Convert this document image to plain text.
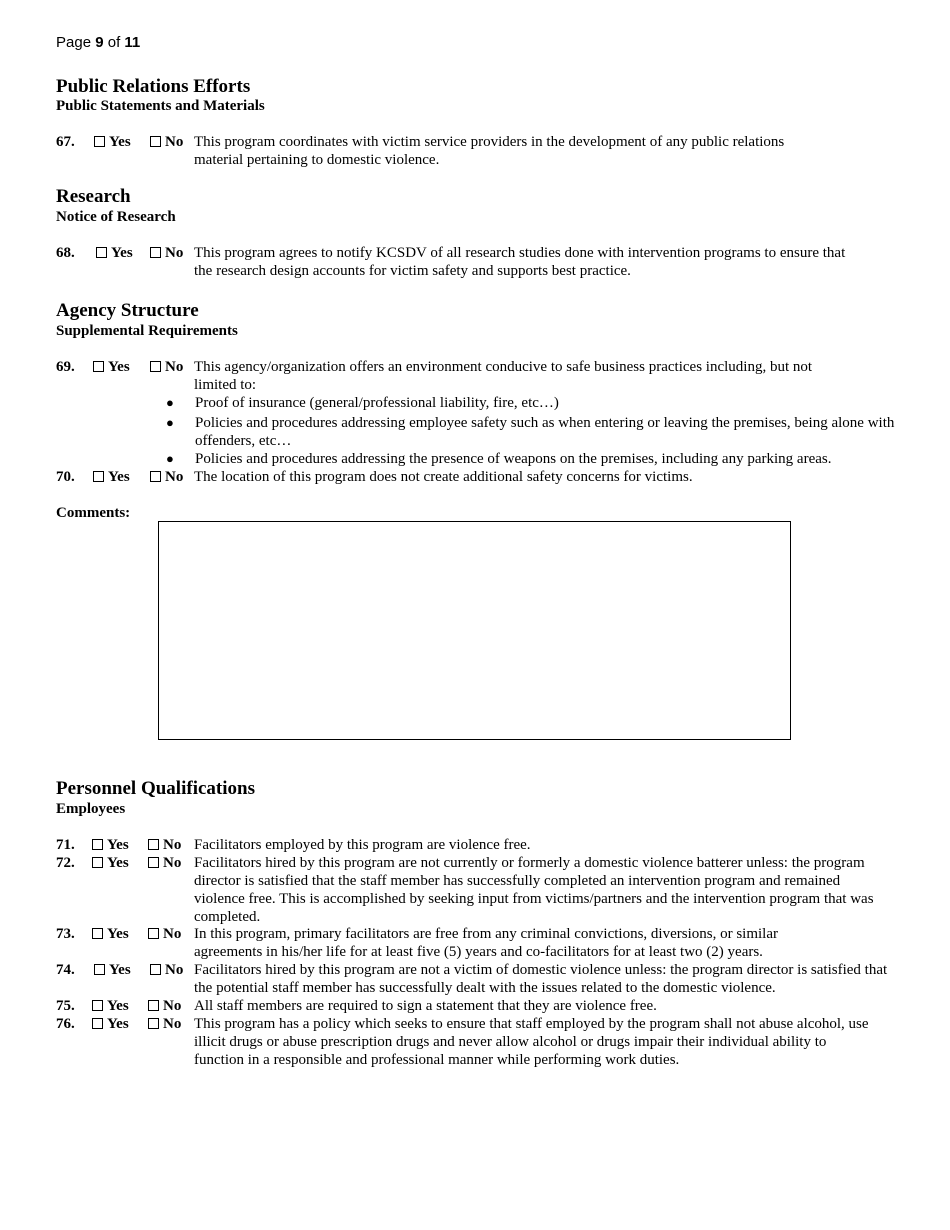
Page 9 of 11
Public Relations Efforts
Public Statements and Materials
67.	Yes	No This program coordinates with victim service providers in the development of any public relations material pertaining to domestic violence.
Research
Notice of Research
68.	Yes	No This program agrees to notify KCSDV of all research studies done with intervention programs to ensure that the research design accounts for victim safety and supports best practice.
Agency Structure
Supplemental Requirements
69.	Yes	No This agency/organization offers an environment conducive to safe business practices including, but not limited to:
● Proof of insurance (general/professional liability, fire, etc…)
● Policies and procedures addressing employee safety such as when entering or leaving the premises, being alone with offenders, etc…
● Policies and procedures addressing the presence of weapons on the premises, including any parking areas.
70.	Yes	No The location of this program does not create additional safety concerns for victims.
Comments:
Personnel Qualifications
Employees
71.	Yes	No Facilitators employed by this program are violence free.
72.	Yes	No Facilitators hired by this program are not currently or formerly a domestic violence batterer unless: the program director is satisfied that the staff member has successfully completed an intervention program and remained violence free. This is accomplished by seeking input from victims/partners and the intervention program that was completed.
73.	Yes	No In this program, primary facilitators are free from any criminal convictions, diversions, or similar agreements in his/her life for at least five (5) years and co-facilitators for at least two (2) years.
74.	Yes	No Facilitators hired by this program are not a victim of domestic violence unless: the program director is satisfied that the potential staff member has successfully dealt with the issues related to the domestic violence.
75.	Yes	No All staff members are required to sign a statement that they are violence free.
76.	Yes	No This program has a policy which seeks to ensure that staff employed by the program shall not abuse alcohol, use illicit drugs or abuse prescription drugs and never allow alcohol or drugs impair their individual ability to function in a responsible and professional manner while performing work duties.
